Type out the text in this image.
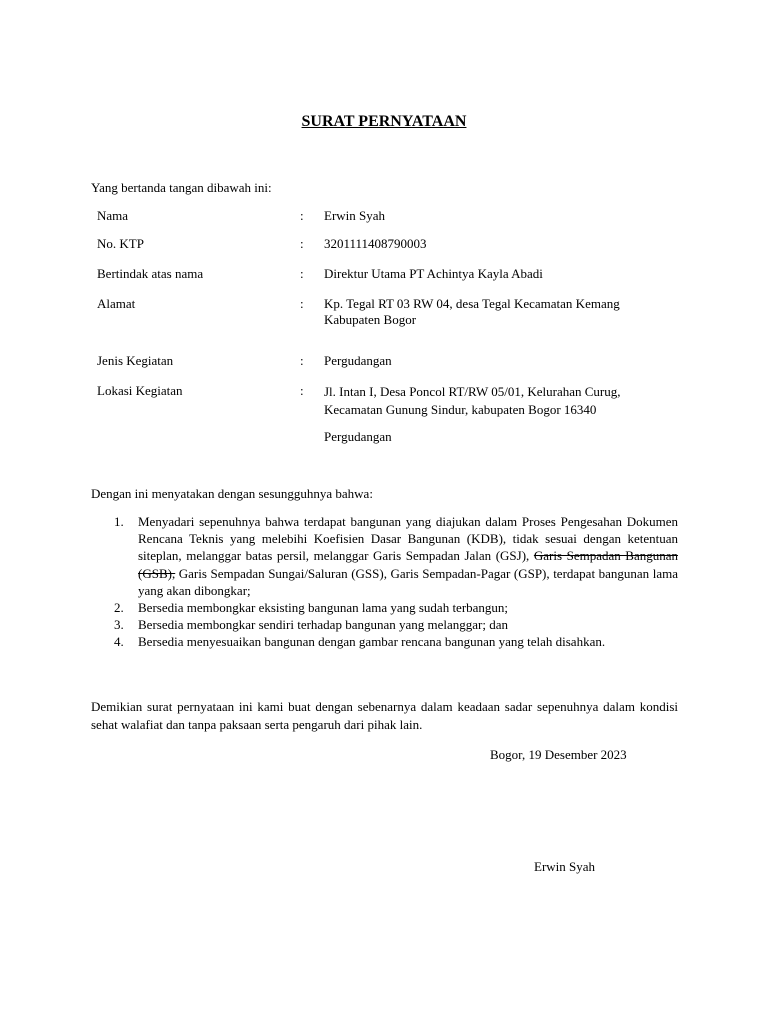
SURAT PERNYATAAN
Yang bertanda tangan dibawah ini:
Nama	: Erwin Syah
No. KTP	: 3201111408790003
Bertindak atas nama	: Direktur Utama PT Achintya Kayla Abadi
Alamat	: Kp. Tegal RT 03 RW 04, desa Tegal Kecamatan Kemang
Kabupaten Bogor
Jenis Kegiatan	: Pergudangan
Lokasi Kegiatan	: Jl. Intan I, Desa Poncol RT/RW 05/01, Kelurahan Curug,
Kecamatan Gunung Sindur, kabupaten Bogor 16340
Pergudangan
Dengan ini menyatakan dengan sesungguhnya bahwa:
1. Menyadari sepenuhnya bahwa terdapat bangunan yang diajukan dalam Proses Pengesahan Dokumen Rencana Teknis yang melebihi Koefisien Dasar Bangunan (KDB), tidak sesuai dengan ketentuan siteplan, melanggar batas persil, melanggar Garis Sempadan Jalan (GSJ), Garis Sempadan Bangunan (GSB), Garis Sempadan Sungai/Saluran (GSS), Garis Sempadan-Pagar (GSP), terdapat bangunan lama yang akan dibongkar;
2. Bersedia membongkar eksisting bangunan lama yang sudah terbangun;
3. Bersedia membongkar sendiri terhadap bangunan yang melanggar; dan
4. Bersedia menyesuaikan bangunan dengan gambar rencana bangunan yang telah disahkan.
Demikian surat pernyataan ini kami buat dengan sebenarnya dalam keadaan sadar sepenuhnya dalam kondisi sehat walafiat dan tanpa paksaan serta pengaruh dari pihak lain.
Bogor, 19 Desember 2023
Erwin Syah
